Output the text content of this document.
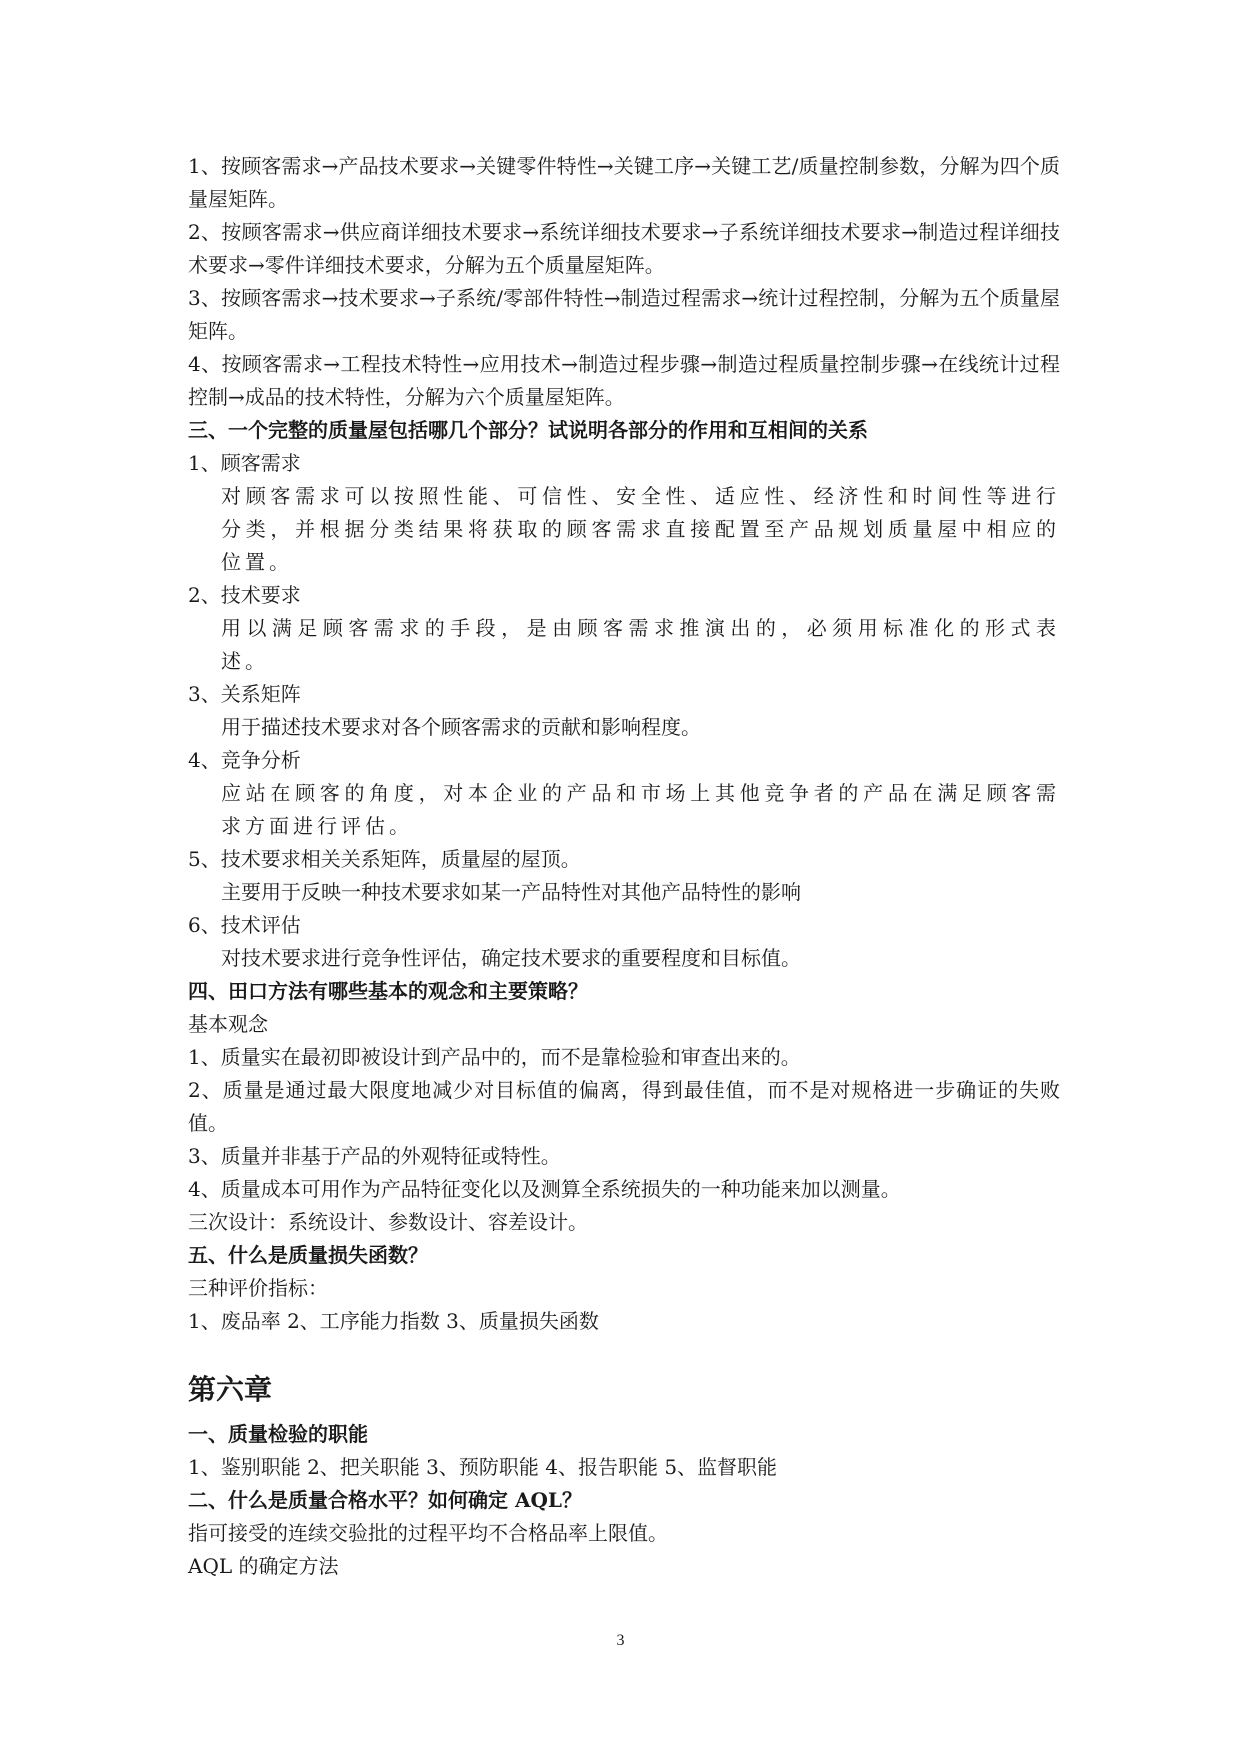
1、按顾客需求→产品技术要求→关键零件特性→关键工序→关键工艺/质量控制参数，分解为四个质量屋矩阵。

2、按顾客需求→供应商详细技术要求→系统详细技术要求→子系统详细技术要求→制造过程详细技术要求→零件详细技术要求，分解为五个质量屋矩阵。

3、按顾客需求→技术要求→子系统/零部件特性→制造过程需求→统计过程控制，分解为五个质量屋矩阵。

4、按顾客需求→工程技术特性→应用技术→制造过程步骤→制造过程质量控制步骤→在线统计过程控制→成品的技术特性，分解为六个质量屋矩阵。

三、一个完整的质量屋包括哪几个部分？试说明各部分的作用和互相间的关系

1、顾客需求

对顾客需求可以按照性能、可信性、安全性、适应性、经济性和时间性等进行分类，并根据分类结果将获取的顾客需求直接配置至产品规划质量屋中相应的位置。

2、技术要求

用以满足顾客需求的手段，是由顾客需求推演出的，必须用标准化的形式表述。

3、关系矩阵

用于描述技术要求对各个顾客需求的贡献和影响程度。

4、竞争分析

应站在顾客的角度，对本企业的产品和市场上其他竞争者的产品在满足顾客需求方面进行评估。

5、技术要求相关关系矩阵，质量屋的屋顶。

主要用于反映一种技术要求如某一产品特性对其他产品特性的影响

6、技术评估

对技术要求进行竞争性评估，确定技术要求的重要程度和目标值。

四、田口方法有哪些基本的观念和主要策略？

基本观念

1、质量实在最初即被设计到产品中的，而不是靠检验和审查出来的。

2、质量是通过最大限度地减少对目标值的偏离，得到最佳值，而不是对规格进一步确证的失败值。

3、质量并非基于产品的外观特征或特性。

4、质量成本可用作为产品特征变化以及测算全系统损失的一种功能来加以测量。

三次设计：系统设计、参数设计、容差设计。

五、什么是质量损失函数？

三种评价指标：

1、废品率 2、工序能力指数 3、质量损失函数

第六章

一、质量检验的职能

1、鉴别职能 2、把关职能 3、预防职能 4、报告职能 5、监督职能

二、什么是质量合格水平？如何确定 AQL？

指可接受的连续交验批的过程平均不合格品率上限值。

AQL 的确定方法

3
